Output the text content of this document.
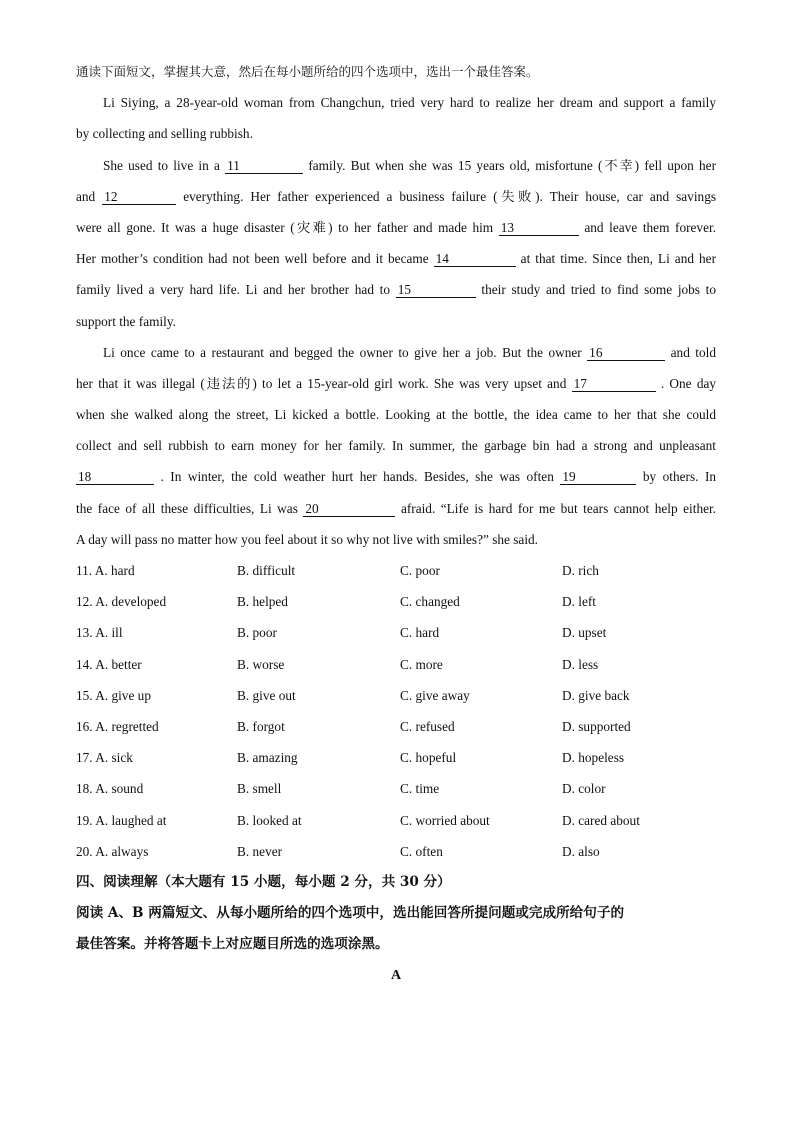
通读下面短文，掌握其大意，然后在每小题所给的四个选项中，选出一个最佳答案。
Li Siying, a 28-year-old woman from Changchun, tried very hard to realize her dream and support a family
by collecting and selling rubbish.
She used to live in a 11	family. But when she was 15 years old, misfortune (不幸) fell upon her
and 12	everything. Her father experienced a business failure (失败). Their house, car and savings
were all gone. It was a huge disaster (灾难) to her father and made him 13	and leave them forever.
Her mother’s condition had not been well before and it became 14	at that time. Since then, Li and her
family lived a very hard life. Li and her brother had to 15	their study and tried to find some jobs to
support the family.
Li once came to a restaurant and begged the owner to give her a job. But the owner 16	and told
her that it was illegal (违法的) to let a 15-year-old girl work. She was very upset and 17	. One day
when she walked along the street, Li kicked a bottle. Looking at the bottle, the idea came to her that she could
collect and sell rubbish to earn money for her family. In summer, the garbage bin had a strong and unpleasant
18	. In winter, the cold weather hurt her hands. Besides, she was often 19	by others. In
the face of all these difficulties, Li was 20	afraid. “Life is hard for me but tears cannot help either.
A day will pass no matter how you feel about it so why not live with smiles?” she said.
11. A. hard	B. difficult	C. poor	D. rich
12. A. developed	B. helped	C. changed	D. left
13. A. ill	B. poor	C. hard	D. upset
14. A. better	B. worse	C. more	D. less
15. A. give up	B. give out	C. give away	D. give back
16. A. regretted	B. forgot	C. refused	D. supported
17. A. sick	B. amazing	C. hopeful	D. hopeless
18. A. sound	B. smell	C. time	D. color
19. A. laughed at	B. looked at	C. worried about	D. cared about
20. A. always	B. never	C. often	D. also
四、阅读理解（本大题有 15 小题，每小题 2 分，共 30 分）
阅读 A、B 两篇短文、从每小题所给的四个选项中，选出能回答所提问题或完成所给句子的
最佳答案。并将答题卡上对应题目所选的选项涂黑。
A
